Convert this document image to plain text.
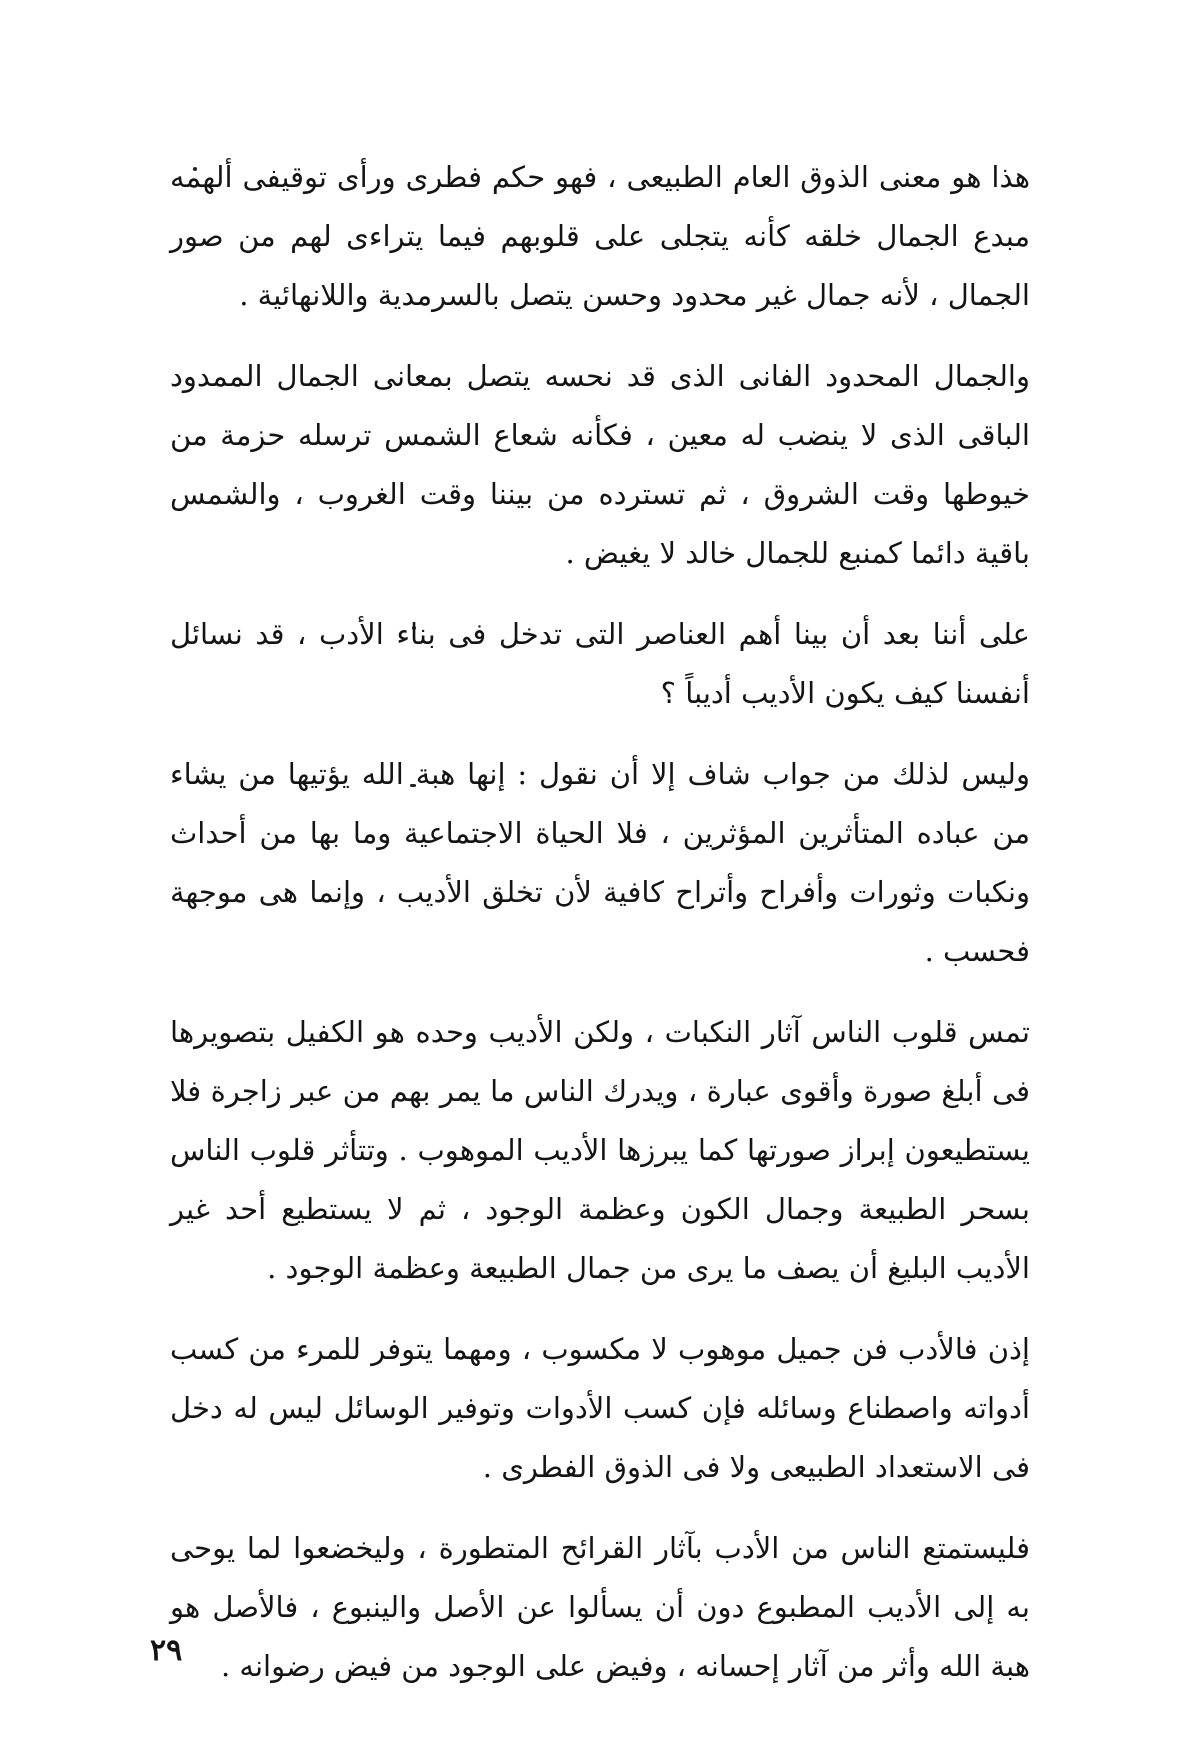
هذا هو معنى الذوق العام الطبيعى ، فهو حكم فطرى ورأى توقيفى ألهمه مبدع الجمال خلقه كأنه يتجلى على قلوبهم فيما يتراءى لهم من صور الجمال ، لأنه جمال غير محدود وحسن يتصل بالسرمدية واللانهائية .

والجمال المحدود الفانى الذى قد نحسه يتصل بمعانى الجمال الممدود الباقى الذى لا ينضب له معين ، فكأنه شعاع الشمس ترسله حزمة من خيوطها وقت الشروق ، ثم تسترده من بيننا وقت الغروب ، والشمس باقية دائما كمنبع للجمال خالد لا يغيض .

على أننا بعد أن بينا أهم العناصر التى تدخل فى بناء الأدب ، قد نسائل أنفسنا كيف يكون الأديب أديباً ؟

وليس لذلك من جواب شاف إلا أن نقول : إنها هبة الله يؤتيها من يشاء من عباده المتأثرين المؤثرين ، فلا الحياة الاجتماعية وما بها من أحداث ونكبات وثورات وأفراح وأتراح كافية لأن تخلق الأديب ، وإنما هى موجهة فحسب .

تمس قلوب الناس آثار النكبات ، ولكن الأديب وحده هو الكفيل بتصويرها فى أبلغ صورة وأقوى عبارة ، ويدرك الناس ما يمر بهم من عبر زاجرة فلا يستطيعون إبراز صورتها كما يبرزها الأديب الموهوب . وتتأثر قلوب الناس بسحر الطبيعة وجمال الكون وعظمة الوجود ، ثم لا يستطيع أحد غير الأديب البليغ أن يصف ما يرى من جمال الطبيعة وعظمة الوجود .

إذن فالأدب فن جميل موهوب لا مكسوب ، ومهما يتوفر للمرء من كسب أدواته واصطناع وسائله فإن كسب الأدوات وتوفير الوسائل ليس له دخل فى الاستعداد الطبيعى ولا فى الذوق الفطرى .

فليستمتع الناس من الأدب بآثار القرائح المتطورة ، وليخضعوا لما يوحى به إلى الأديب المطبوع دون أن يسألوا عن الأصل والينبوع ، فالأصل هو هبة الله وأثر من آثار إحسانه ، وفيض على الوجود من فيض رضوانه .

٢٩
